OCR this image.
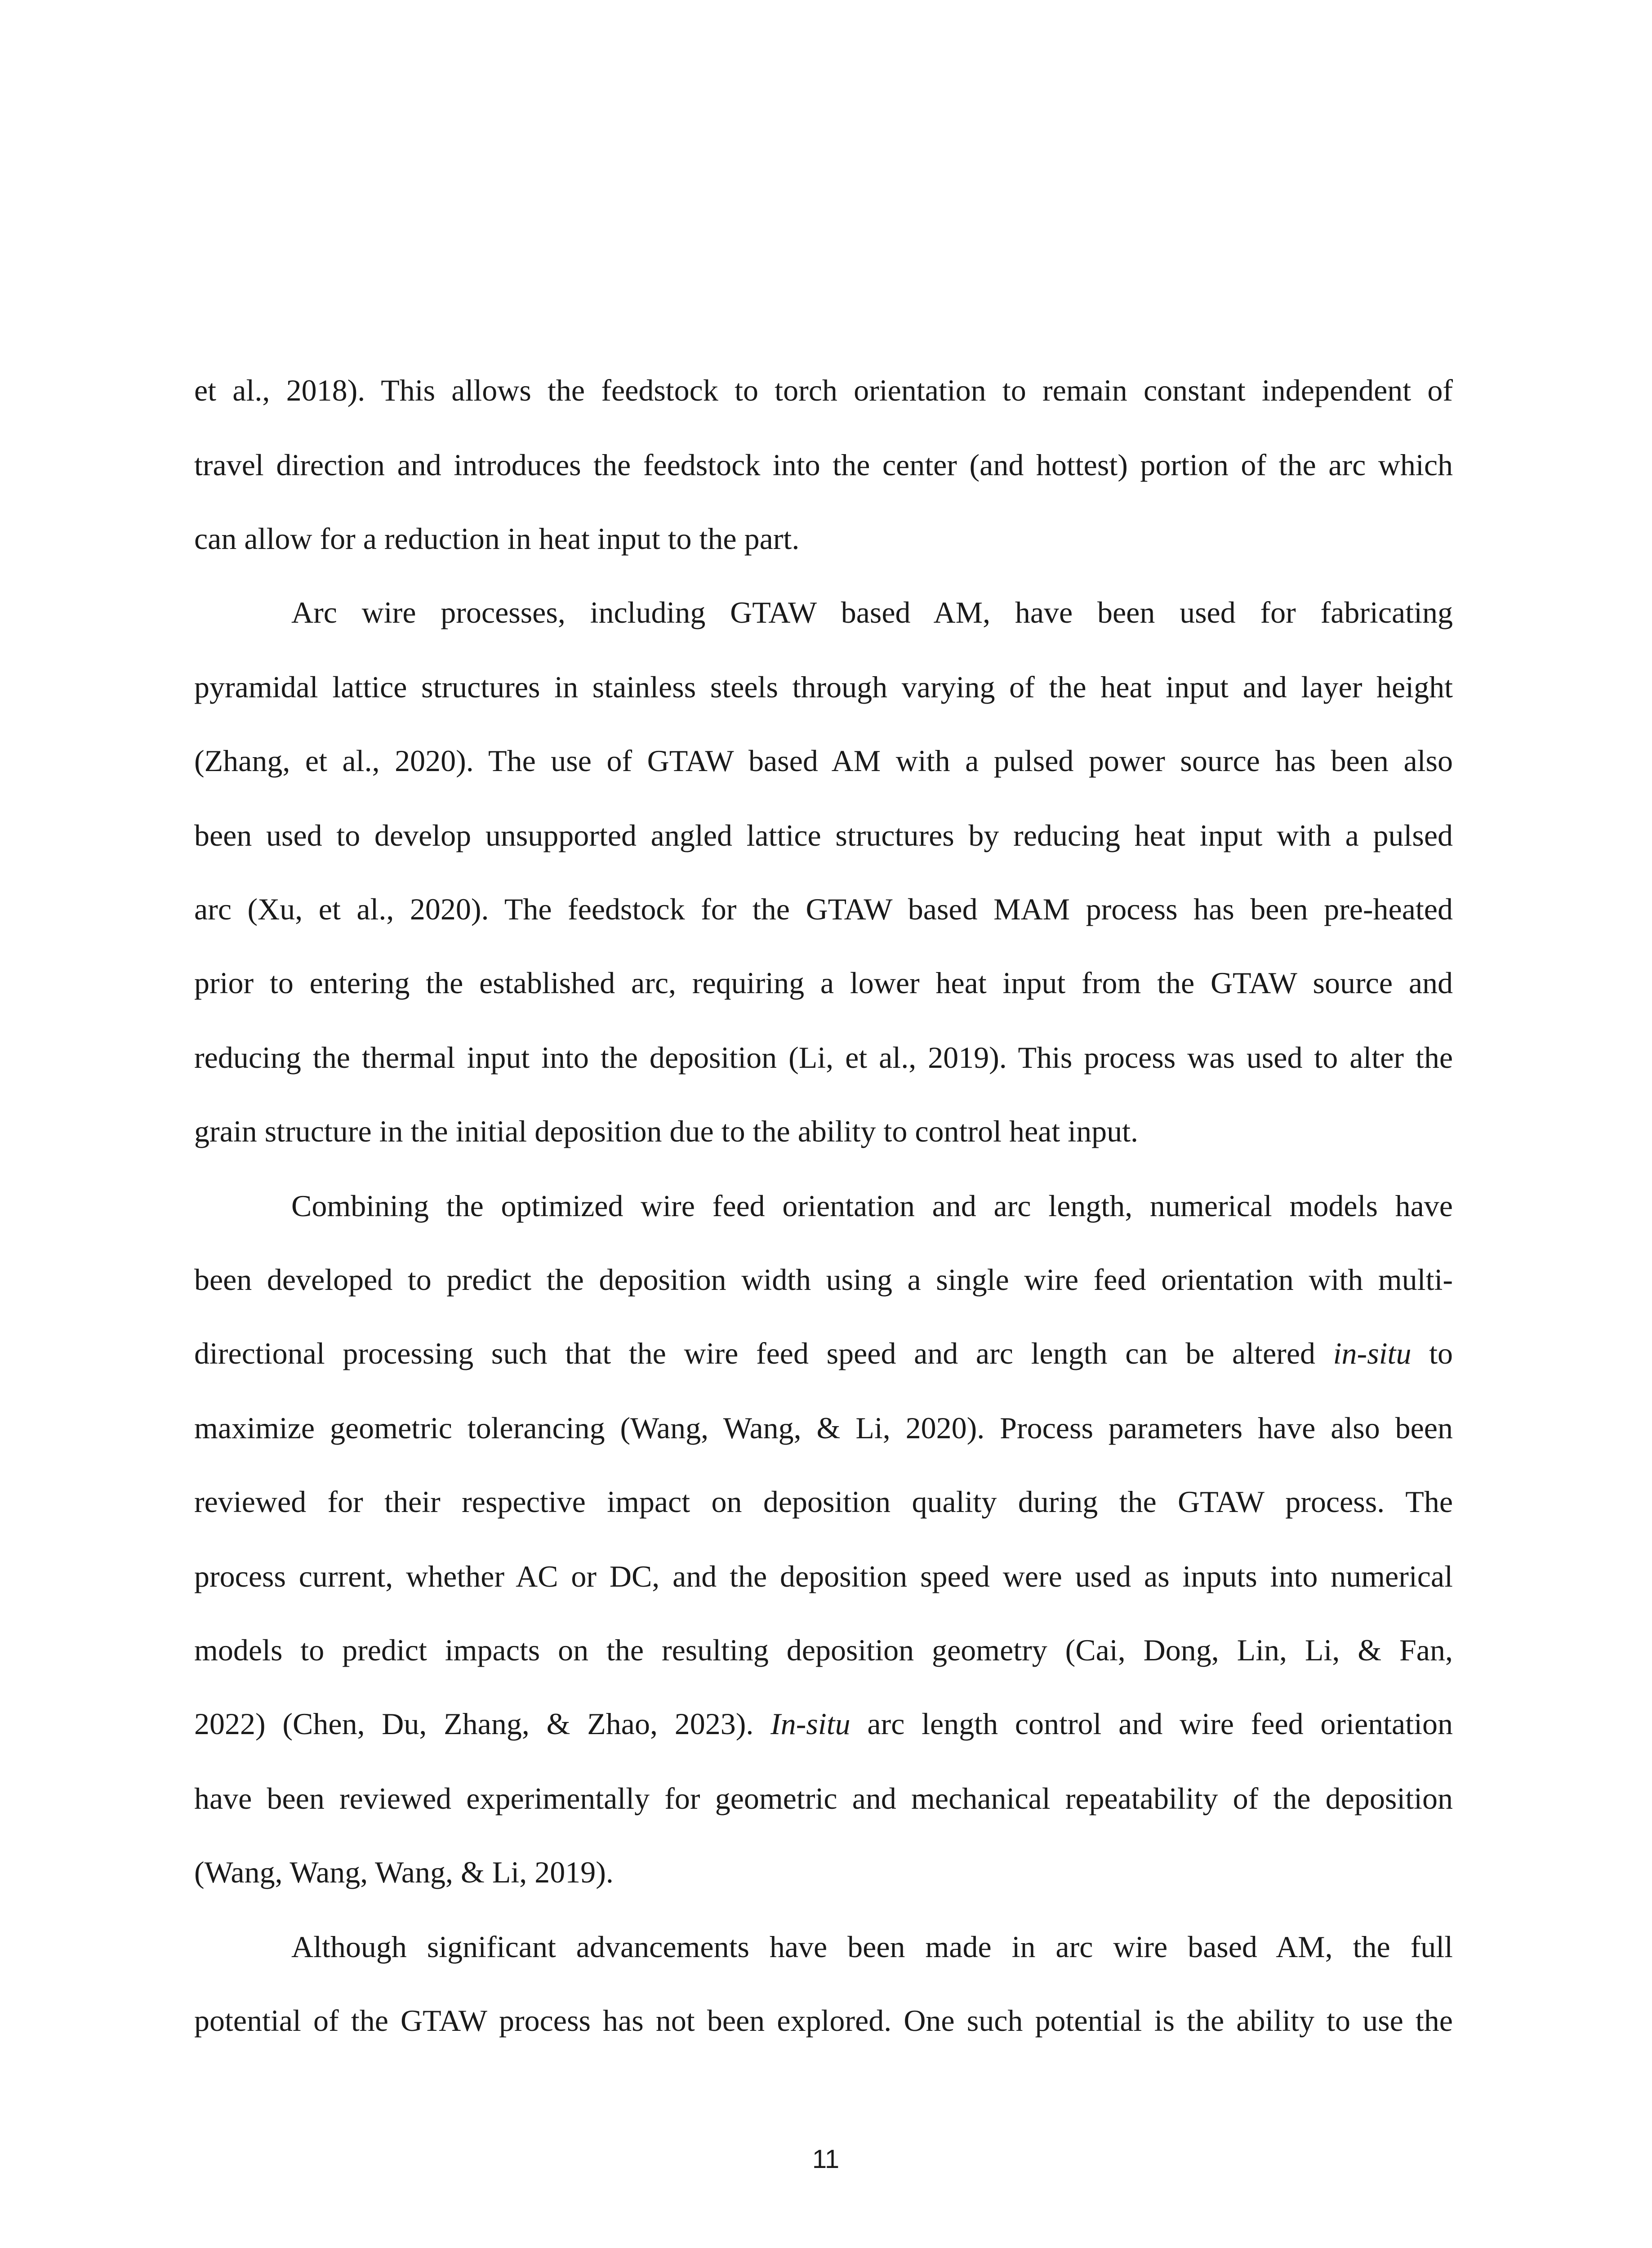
et al., 2018). This allows the feedstock to torch orientation to remain constant independent of
travel direction and introduces the feedstock into the center (and hottest) portion of the arc which
can allow for a reduction in heat input to the part.
Arc wire processes, including GTAW based AM, have been used for fabricating
pyramidal lattice structures in stainless steels through varying of the heat input and layer height
(Zhang, et al., 2020). The use of GTAW based AM with a pulsed power source has been also
been used to develop unsupported angled lattice structures by reducing heat input with a pulsed
arc (Xu, et al., 2020). The feedstock for the GTAW based MAM process has been pre-heated
prior to entering the established arc, requiring a lower heat input from the GTAW source and
reducing the thermal input into the deposition (Li, et al., 2019). This process was used to alter the
grain structure in the initial deposition due to the ability to control heat input.
Combining the optimized wire feed orientation and arc length, numerical models have
been developed to predict the deposition width using a single wire feed orientation with multi-
directional processing such that the wire feed speed and arc length can be altered in-situ to
maximize geometric tolerancing (Wang, Wang, & Li, 2020). Process parameters have also been
reviewed for their respective impact on deposition quality during the GTAW process. The
process current, whether AC or DC, and the deposition speed were used as inputs into numerical
models to predict impacts on the resulting deposition geometry (Cai, Dong, Lin, Li, & Fan,
2022) (Chen, Du, Zhang, & Zhao, 2023). In-situ arc length control and wire feed orientation
have been reviewed experimentally for geometric and mechanical repeatability of the deposition
(Wang, Wang, Wang, & Li, 2019).
Although significant advancements have been made in arc wire based AM, the full
potential of the GTAW process has not been explored. One such potential is the ability to use the
11
